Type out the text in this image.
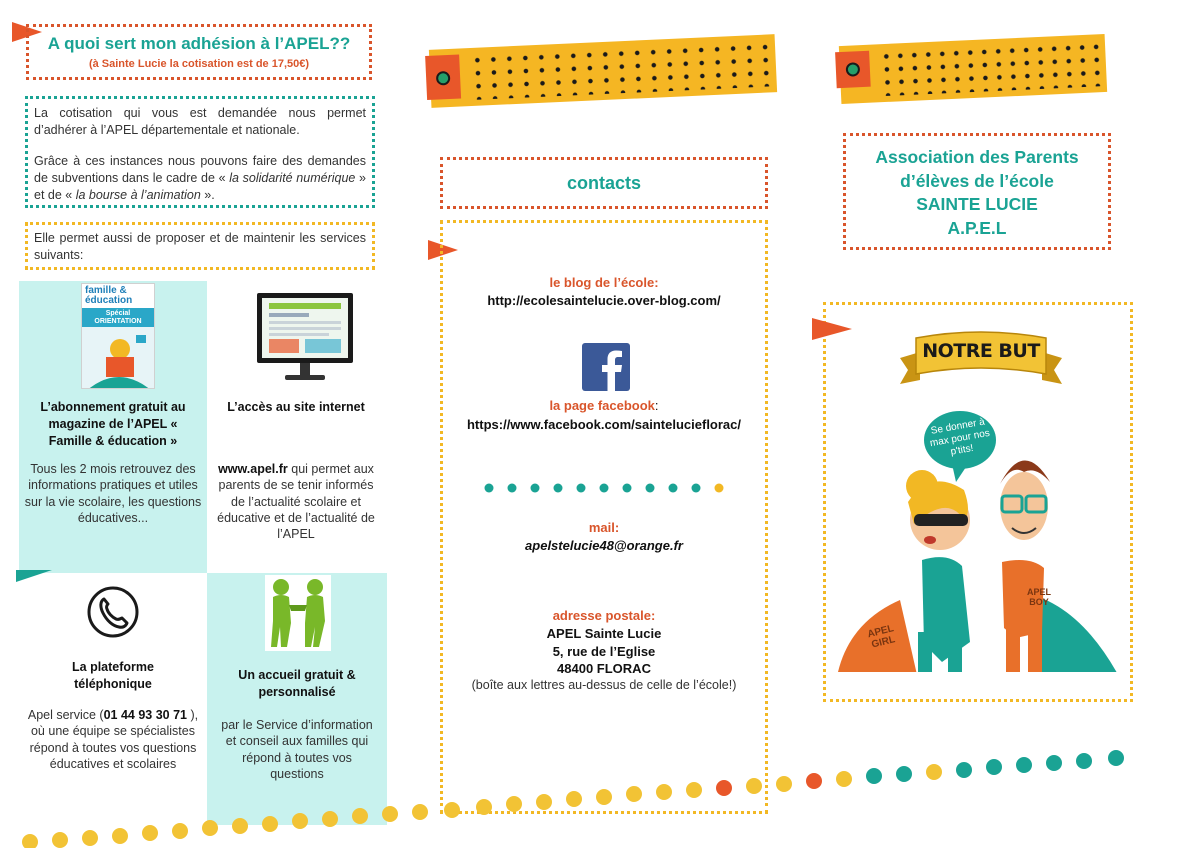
A quoi sert mon adhésion à l’APEL??
(à Sainte Lucie la cotisation est de 17,50€)

La cotisation qui vous est demandée nous permet d’adhérer à l’APEL départementale et nationale.

Grâce à ces instances nous pouvons faire des demandes de subventions dans le cadre de « la solidarité numérique » et de « la bourse à l’animation ».

Elle permet aussi de proposer et de maintenir les services suivants:

famille & éducation
Spécial ORIENTATION
L’abonnement gratuit au magazine de l’APEL « Famille & éducation »
Tous les 2 mois retrouvez des informations pratiques et utiles sur la vie scolaire, les questions éducatives...
L’accès au site internet
www.apel.fr qui permet aux parents de se tenir informés de l’actualité scolaire et éducative et de l’actualité de l’APEL
La plateforme téléphonique
Apel service (01 44 93 30 71 ), où une équipe se spécialistes répond à toutes vos questions éducatives et scolaires
Un accueil gratuit & personnalisé
par le Service d’information et conseil aux familles qui répond à toutes vos questions
contacts
le blog de l’école:
http://ecolesaintelucie.over-blog.com/
la page facebook:
https://www.facebook.com/sainteluciefloraс/
mail:
apelstelucie48@orange.fr
adresse postale:
APEL Sainte Lucie
5, rue de l’Eglise
48400 FLORAC
(boîte aux lettres au-dessus de celle de l’école!)
Association des Parents
d’élèves de l’école
SAINTE LUCIE
A.P.E.L
NOTRE BUT
Se donner à max pour nos p'tits!
APEL GIRL
APEL BOY
